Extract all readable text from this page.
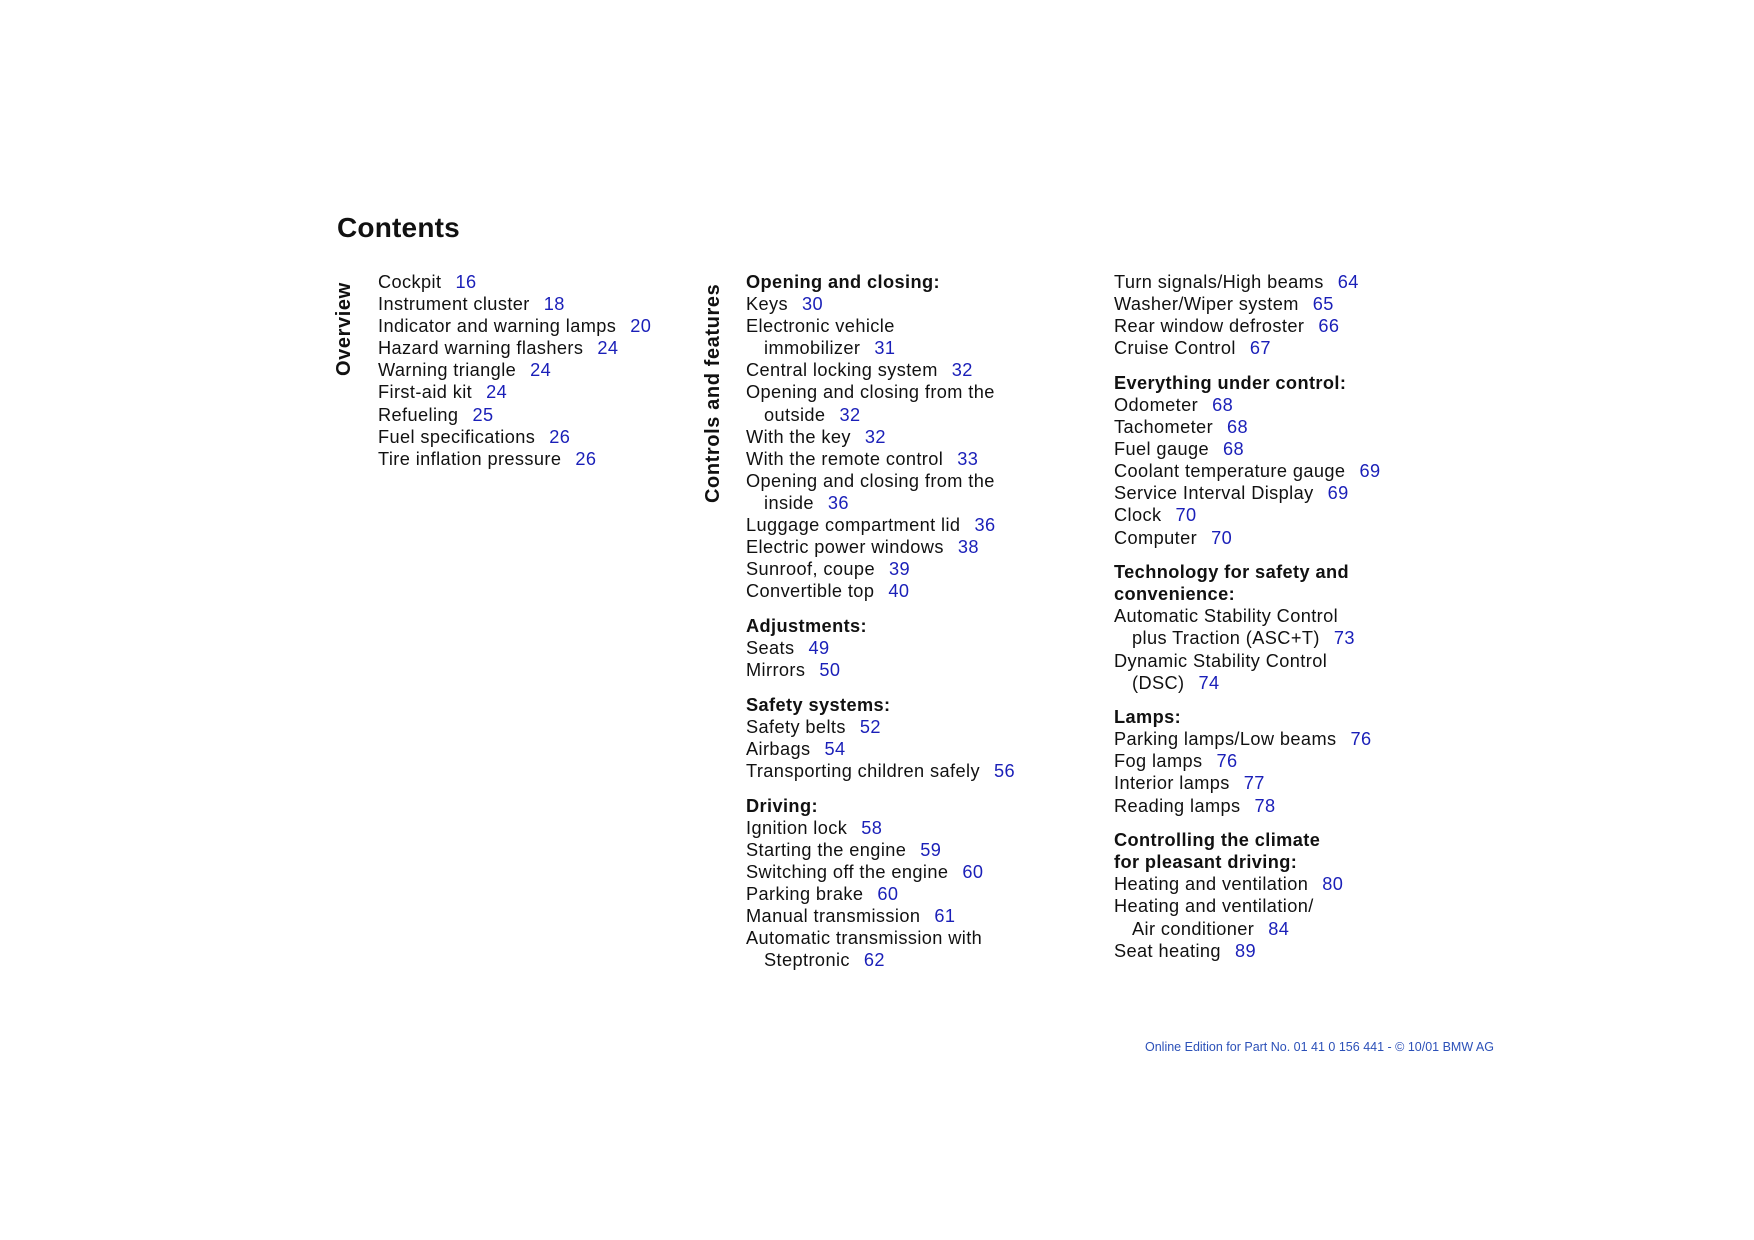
Contents
Overview	Controls and features
Cockpit 16
Instrument cluster 18
Indicator and warning lamps 20
Hazard warning flashers 24
Warning triangle 24
First-aid kit 24
Refueling 25
Fuel specifications 26
Tire inflation pressure 26
Opening and closing:
Keys 30
Electronic vehicle
immobilizer 31
Central locking system 32
Opening and closing from the
outside 32
With the key 32
With the remote control 33
Opening and closing from the
inside 36
Luggage compartment lid 36
Electric power windows 38
Sunroof, coupe 39
Convertible top 40
Adjustments:
Seats 49
Mirrors 50
Safety systems:
Safety belts 52
Airbags 54
Transporting children safely 56
Driving:
Ignition lock 58
Starting the engine 59
Switching off the engine 60
Parking brake 60
Manual transmission 61
Automatic transmission with
Steptronic 62
Turn signals/High beams 64
Washer/Wiper system 65
Rear window defroster 66
Cruise Control 67
Everything under control:
Odometer 68
Tachometer 68
Fuel gauge 68
Coolant temperature gauge 69
Service Interval Display 69
Clock 70
Computer 70
Technology for safety and
convenience:
Automatic Stability Control
plus Traction (ASC+T) 73
Dynamic Stability Control
(DSC) 74
Lamps:
Parking lamps/Low beams 76
Fog lamps 76
Interior lamps 77
Reading lamps 78
Controlling the climate
for pleasant driving:
Heating and ventilation 80
Heating and ventilation/
Air conditioner 84
Seat heating 89
Online Edition for Part No. 01 41 0 156 441 - © 10/01 BMW AG
